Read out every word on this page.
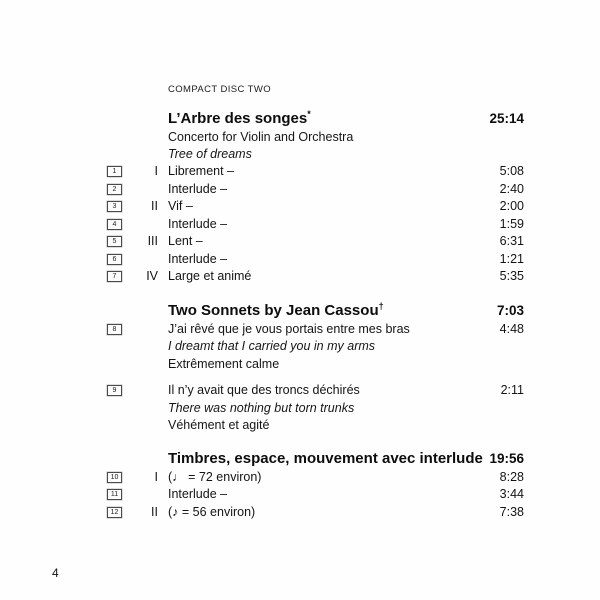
COMPACT DISC TWO
L’Arbre des songes*	25:14
Concerto for Violin and Orchestra
Tree of dreams
1	I Librement –	5:08
2	Interlude –	2:40
3	II Vif –	2:00
4	Interlude –	1:59
5	III Lent –	6:31
6	Interlude –	1:21
7	IV Large et animé	5:35
Two Sonnets by Jean Cassou†	7:03
8	J’ai rêvé que je vous portais entre mes bras	4:48
I dreamt that I carried you in my arms
Extrêmement calme
9	Il n’y avait que des troncs déchirés	2:11
There was nothing but torn trunks
Véhément et agité
Timbres, espace, mouvement avec interlude 19:56
10	I (♩ = 72 environ)	8:28
11	Interlude –	3:44
12	II (♪ = 56 environ)	7:38
4
